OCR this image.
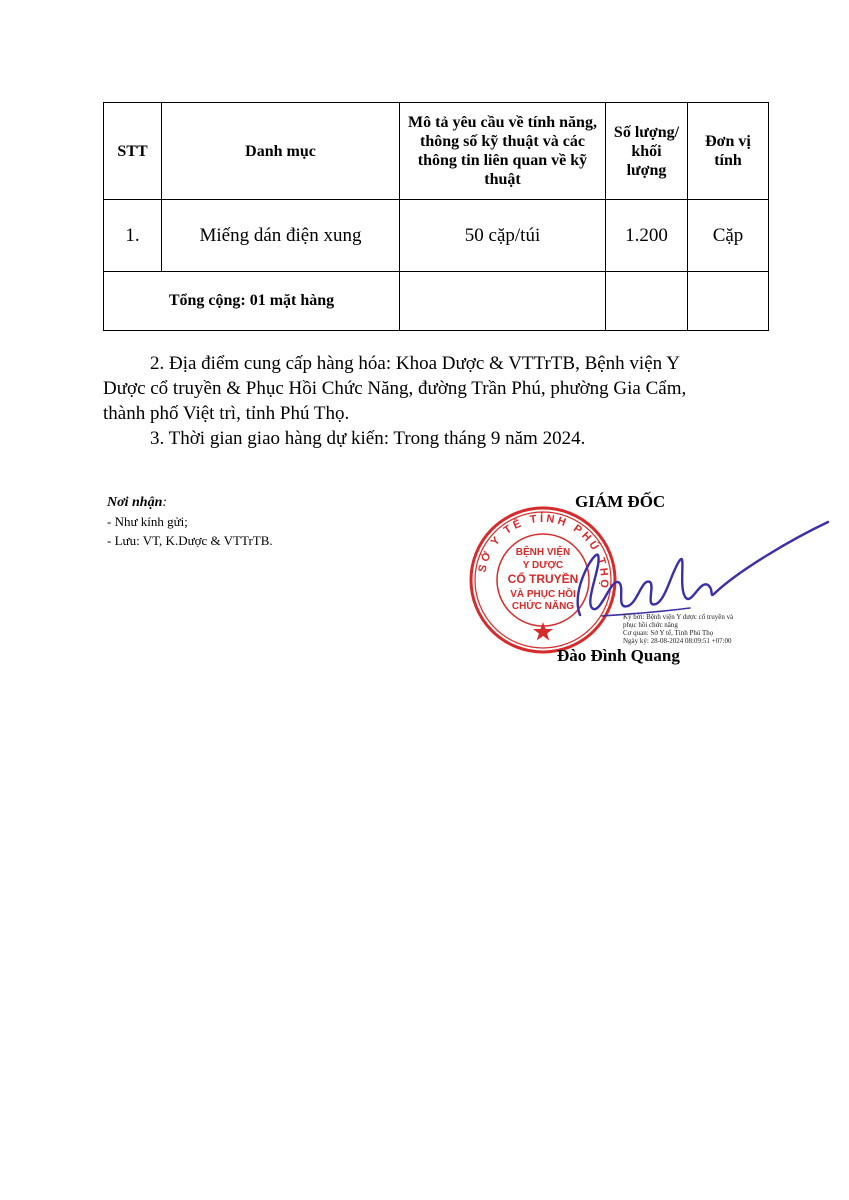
STT	Danh mục	Mô tả yêu cầu về tính năng, thông số kỹ thuật và các thông tin liên quan về kỹ thuật	Số lượng/ khối lượng	Đơn vị tính
1.	Miếng dán điện xung	50 cặp/túi	1.200	Cặp
Tổng cộng: 01 mặt hàng				

2. Địa điểm cung cấp hàng hóa: Khoa Dược & VTTrTB, Bệnh viện Y
Dược cổ truyền & Phục Hồi Chức Năng, đường Trần Phú, phường Gia Cẩm,
thành phố Việt trì, tỉnh Phú Thọ.

3. Thời gian giao hàng dự kiến: Trong tháng 9 năm 2024.

Nơi nhận:
- Như kính gửi;
- Lưu: VT, K.Dược & VTTrTB.
GIÁM ĐỐC
SỞ Y TẾ TỈNH PHÚ THỌ
BỆNH VIỆN
Y DƯỢC
CỔ TRUYỀN
VÀ PHỤC HỒI
CHỨC NĂNG
Ký bởi: Bệnh viện Y dược cổ truyền và
phục hồi chức năng
Cơ quan: Sở Y tế, Tỉnh Phú Thọ
Ngày ký: 28-08-2024 08:09:51 +07:00
Đào Đình Quang
